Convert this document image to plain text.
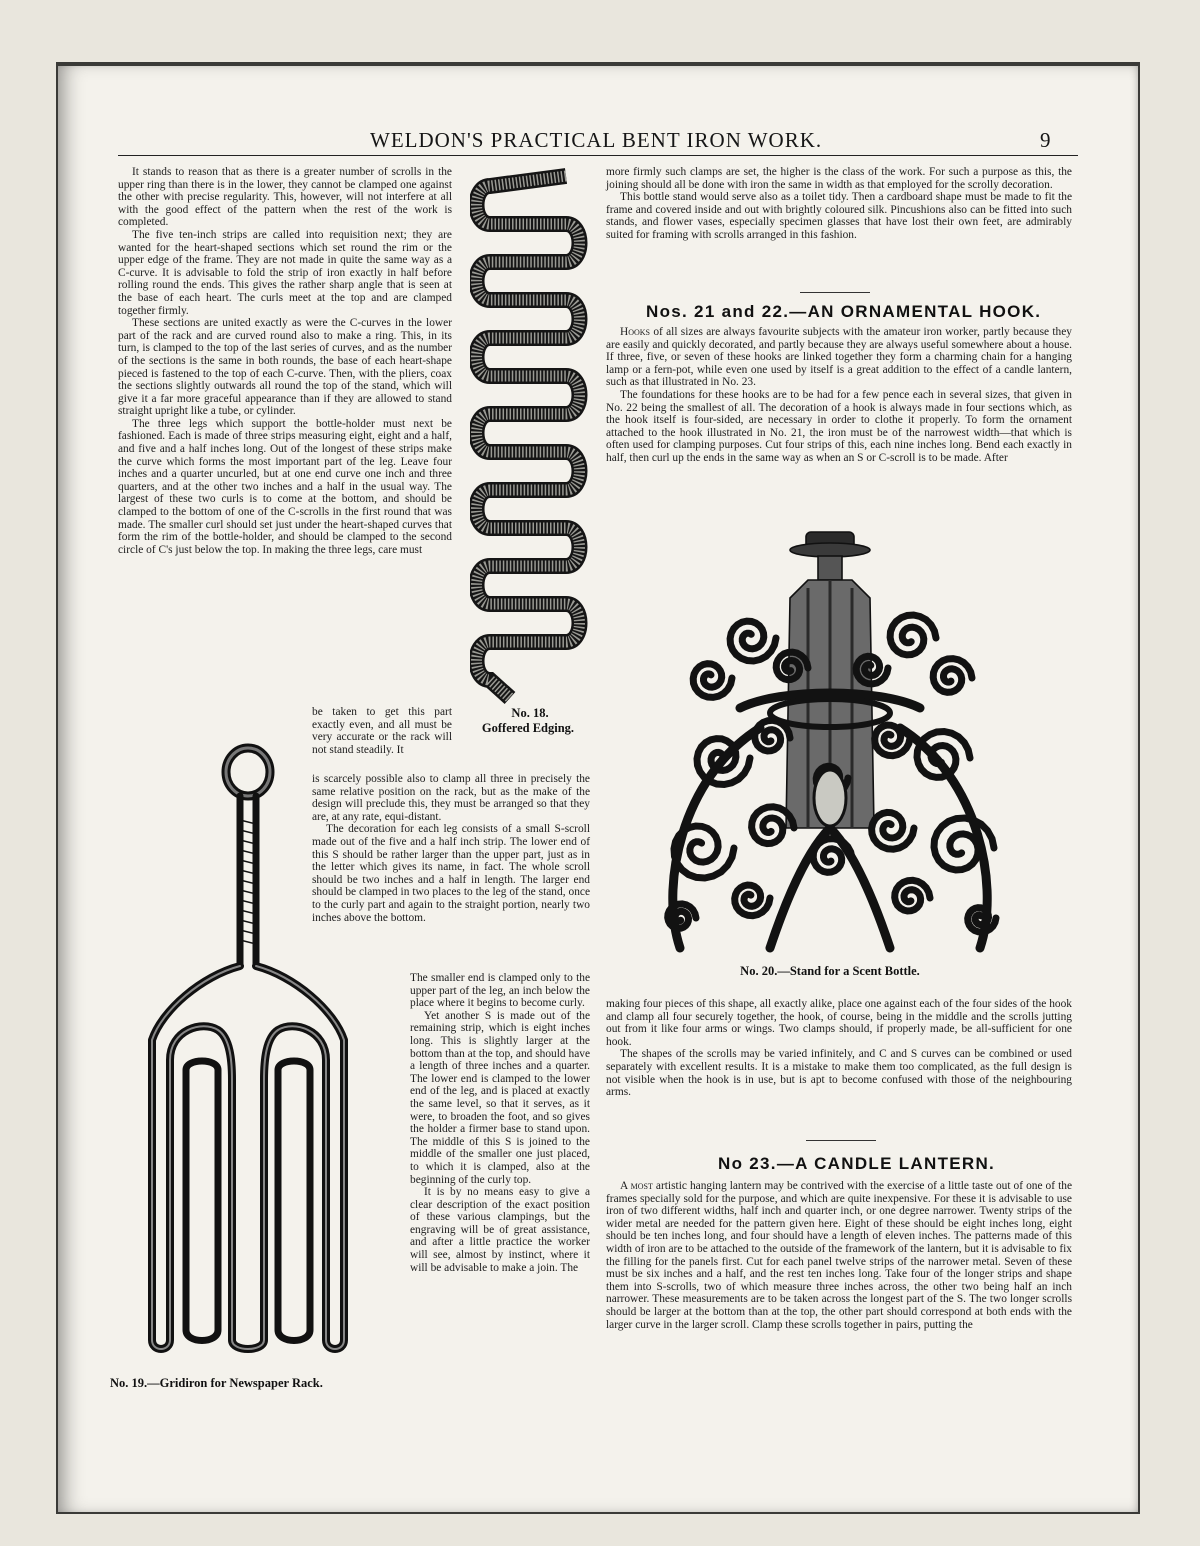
WELDON'S PRACTICAL BENT IRON WORK.	9

It stands to reason that as there is a greater number of scrolls in the upper ring than there is in the lower, they cannot be clamped one against the other with precise regularity. This, however, will not interfere at all with the good effect of the pattern when the rest of the work is completed.

The five ten-inch strips are called into requisition next; they are wanted for the heart-shaped sections which set round the rim or the upper edge of the frame. They are not made in quite the same way as a C-curve. It is advisable to fold the strip of iron exactly in half before rolling round the ends. This gives the rather sharp angle that is seen at the base of each heart. The curls meet at the top and are clamped together firmly.

These sections are united exactly as were the C-curves in the lower part of the rack and are curved round also to make a ring. This, in its turn, is clamped to the top of the last series of curves, and as the number of the sections is the same in both rounds, the base of each heart-shape pieced is fastened to the top of each C-curve. Then, with the pliers, coax the sections slightly outwards all round the top of the stand, which will give it a far more graceful appearance than if they are allowed to stand straight upright like a tube, or cylinder.

The three legs which support the bottle-holder must next be fashioned. Each is made of three strips measuring eight, eight and a half, and five and a half inches long. Out of the longest of these strips make the curve which forms the most important part of the leg. Leave four inches and a quarter uncurled, but at one end curve one inch and three quarters, and at the other two inches and a half in the usual way. The largest of these two curls is to come at the bottom, and should be clamped to the bottom of one of the C-scrolls in the first round that was made. The smaller curl should set just under the heart-shaped curves that form the rim of the bottle-holder, and should be clamped to the second circle of C's just below the top. In making the three legs, care must

be taken to get this part exactly even, and all must be very accurate or the rack will not stand steadily. It

is scarcely possible also to clamp all three in precisely the same relative position on the rack, but as the make of the design will preclude this, they must be arranged so that they are, at any rate, equi-distant.

The decoration for each leg consists of a small S-scroll made out of the five and a half inch strip. The lower end of this S should be rather larger than the upper part, just as in the letter which gives its name, in fact. The whole scroll should be two inches and a half in length. The larger end should be clamped in two places to the leg of the stand, once to the curly part and again to the straight portion, nearly two inches above the bottom.

The smaller end is clamped only to the upper part of the leg, an inch below the place where it begins to become curly.

Yet another S is made out of the remaining strip, which is eight inches long. This is slightly larger at the bottom than at the top, and should have a length of three inches and a quarter. The lower end is clamped to the lower end of the leg, and is placed at exactly the same level, so that it serves, as it were, to broaden the foot, and so gives the holder a firmer base to stand upon. The middle of this S is joined to the middle of the smaller one just placed, to which it is clamped, also at the beginning of the curly top.

It is by no means easy to give a clear description of the exact position of these various clampings, but the engraving will be of great assistance, and after a little practice the worker will see, almost by instinct, where it will be advisable to make a join. The

more firmly such clamps are set, the higher is the class of the work. For such a purpose as this, the joining should all be done with iron the same in width as that employed for the scrolly decoration.

This bottle stand would serve also as a toilet tidy. Then a cardboard shape must be made to fit the frame and covered inside and out with brightly coloured silk. Pincushions also can be fitted into such stands, and flower vases, especially specimen glasses that have lost their own feet, are admirably suited for framing with scrolls arranged in this fashion.

Nos. 21 and 22.—AN ORNAMENTAL HOOK.

Hooks of all sizes are always favourite subjects with the amateur iron worker, partly because they are easily and quickly decorated, and partly because they are always useful somewhere about a house. If three, five, or seven of these hooks are linked together they form a charming chain for a hanging lamp or a fern-pot, while even one used by itself is a great addition to the effect of a candle lantern, such as that illustrated in No. 23.

The foundations for these hooks are to be had for a few pence each in several sizes, that given in No. 22 being the smallest of all. The decoration of a hook is always made in four sections which, as the hook itself is four-sided, are necessary in order to clothe it properly. To form the ornament attached to the hook illustrated in No. 21, the iron must be of the narrowest width—that which is often used for clamping purposes. Cut four strips of this, each nine inches long. Bend each exactly in half, then curl up the ends in the same way as when an S or C-scroll is to be made. After

making four pieces of this shape, all exactly alike, place one against each of the four sides of the hook and clamp all four securely together, the hook, of course, being in the middle and the scrolls jutting out from it like four arms or wings. Two clamps should, if properly made, be all-sufficient for one hook.

The shapes of the scrolls may be varied infinitely, and C and S curves can be combined or used separately with excellent results. It is a mistake to make them too complicated, as the full design is not visible when the hook is in use, but is apt to become confused with those of the neighbouring arms.

No 23.—A CANDLE LANTERN.

A most artistic hanging lantern may be contrived with the exercise of a little taste out of one of the frames specially sold for the purpose, and which are quite inexpensive. For these it is advisable to use iron of two different widths, half inch and quarter inch, or one degree narrower. Twenty strips of the wider metal are needed for the pattern given here. Eight of these should be eight inches long, eight should be ten inches long, and four should have a length of eleven inches. The patterns made of this width of iron are to be attached to the outside of the framework of the lantern, but it is advisable to fix the filling for the panels first. Cut for each panel twelve strips of the narrower metal. Seven of these must be six inches and a half, and the rest ten inches long. Take four of the longer strips and shape them into S-scrolls, two of which measure three inches across, the other two being half an inch narrower. These measurements are to be taken across the longest part of the S. The two longer scrolls should be larger at the bottom than at the top, the other part should correspond at both ends with the larger curve in the larger scroll. Clamp these scrolls together in pairs, putting the

No. 18.
Goffered Edging.
No. 19.—Gridiron for Newspaper Rack.
No. 20.—Stand for a Scent Bottle.
